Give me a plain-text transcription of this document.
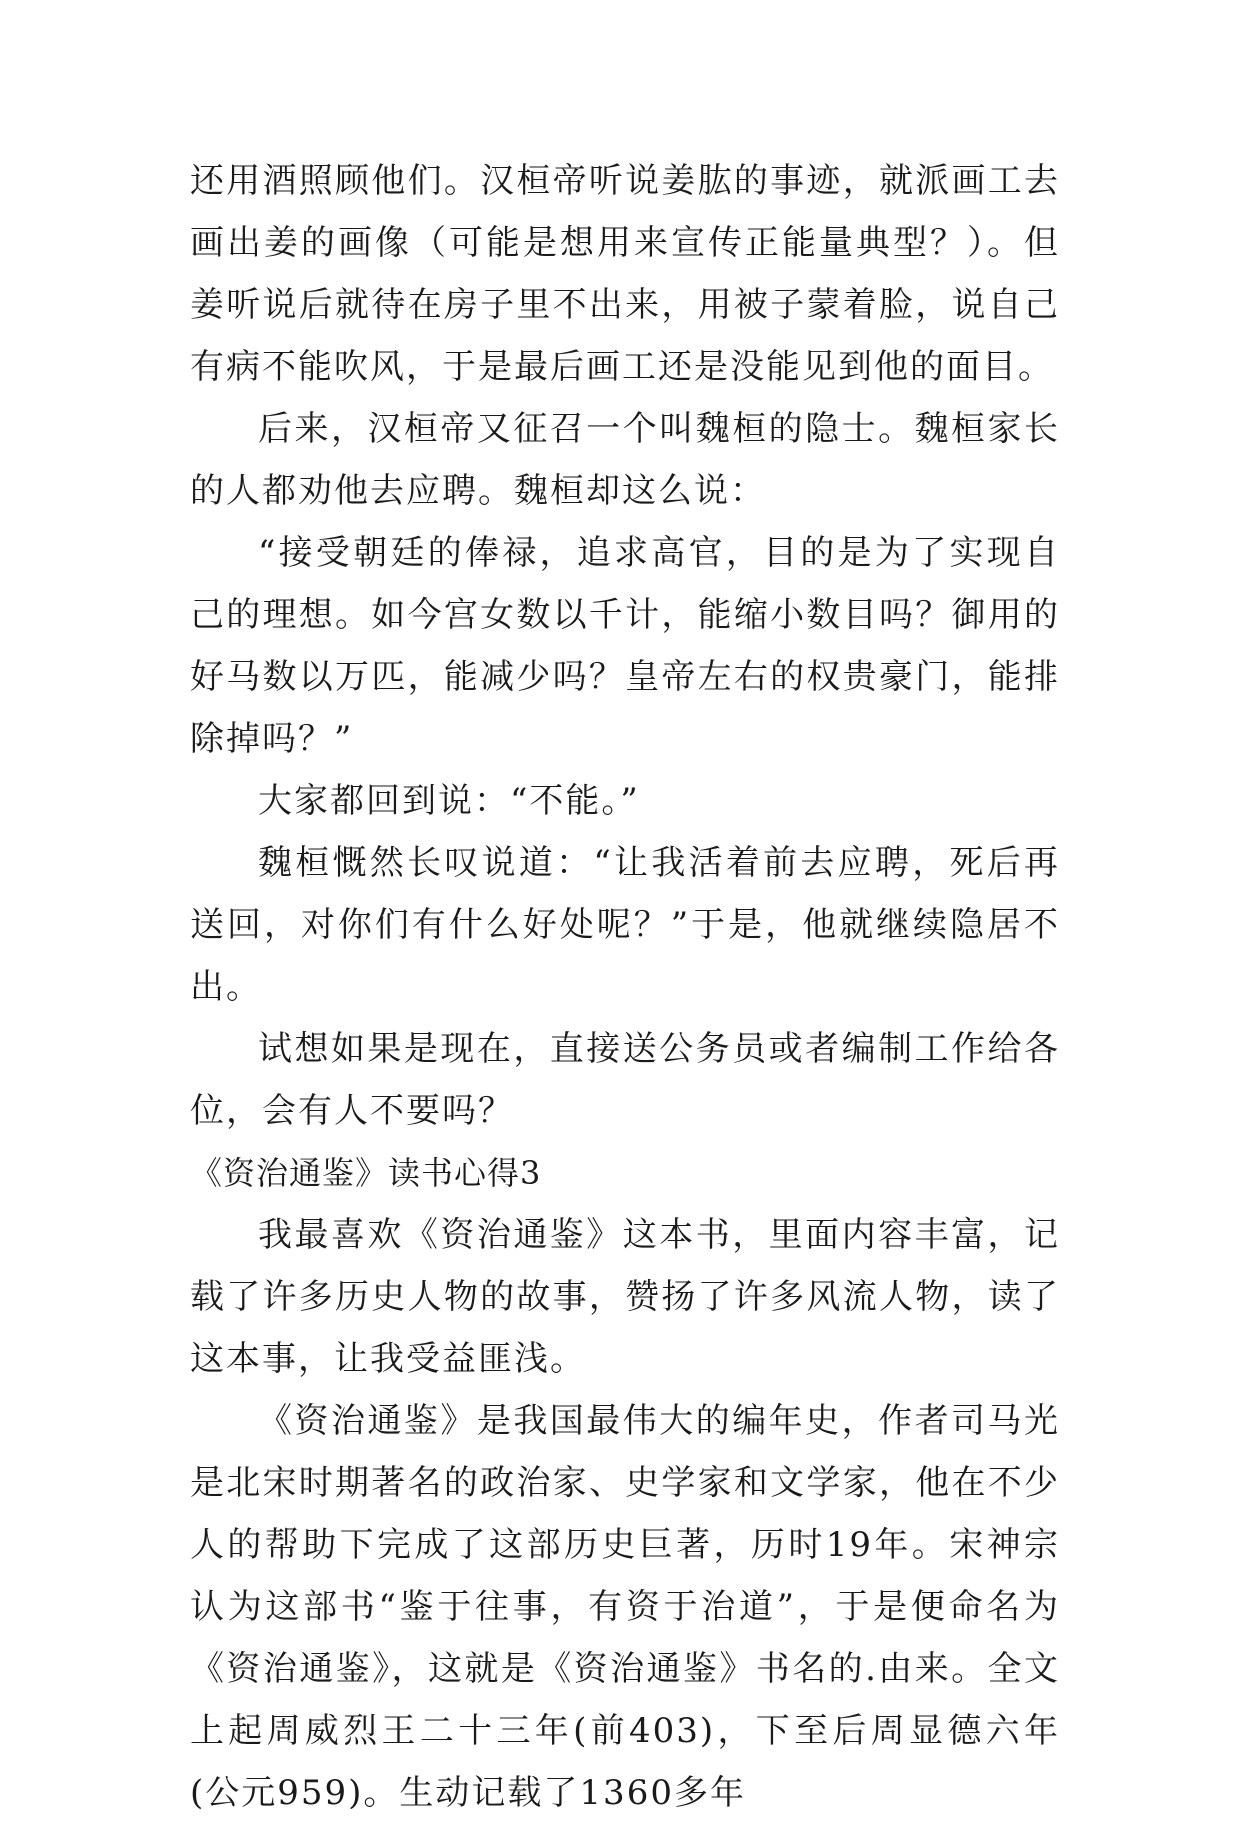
还用酒照顾他们。汉桓帝听说姜肱的事迹，就派画工去画出姜的画像（可能是想用来宣传正能量典型？）。但姜听说后就待在房子里不出来，用被子蒙着脸，说自己有病不能吹风，于是最后画工还是没能见到他的面目。

后来，汉桓帝又征召一个叫魏桓的隐士。魏桓家长的人都劝他去应聘。魏桓却这么说：

“接受朝廷的俸禄，追求高官，目的是为了实现自己的理想。如今宫女数以千计，能缩小数目吗？御用的好马数以万匹，能减少吗？皇帝左右的权贵豪门，能排除掉吗？”

大家都回到说：“不能。”

魏桓慨然长叹说道：“让我活着前去应聘，死后再送回，对你们有什么好处呢？”于是，他就继续隐居不出。

试想如果是现在，直接送公务员或者编制工作给各位，会有人不要吗？

《资治通鉴》读书心得3

我最喜欢《资治通鉴》这本书，里面内容丰富，记载了许多历史人物的故事，赞扬了许多风流人物，读了这本事，让我受益匪浅。

《资治通鉴》是我国最伟大的编年史，作者司马光是北宋时期著名的政治家、史学家和文学家，他在不少人的帮助下完成了这部历史巨著，历时19年。宋神宗认为这部书“鉴于往事，有资于治道”，于是便命名为《资治通鉴》，这就是《资治通鉴》书名的.由来。全文上起周威烈王二十三年(前403)，下至后周显德六年(公元959)。生动记载了1360多年
